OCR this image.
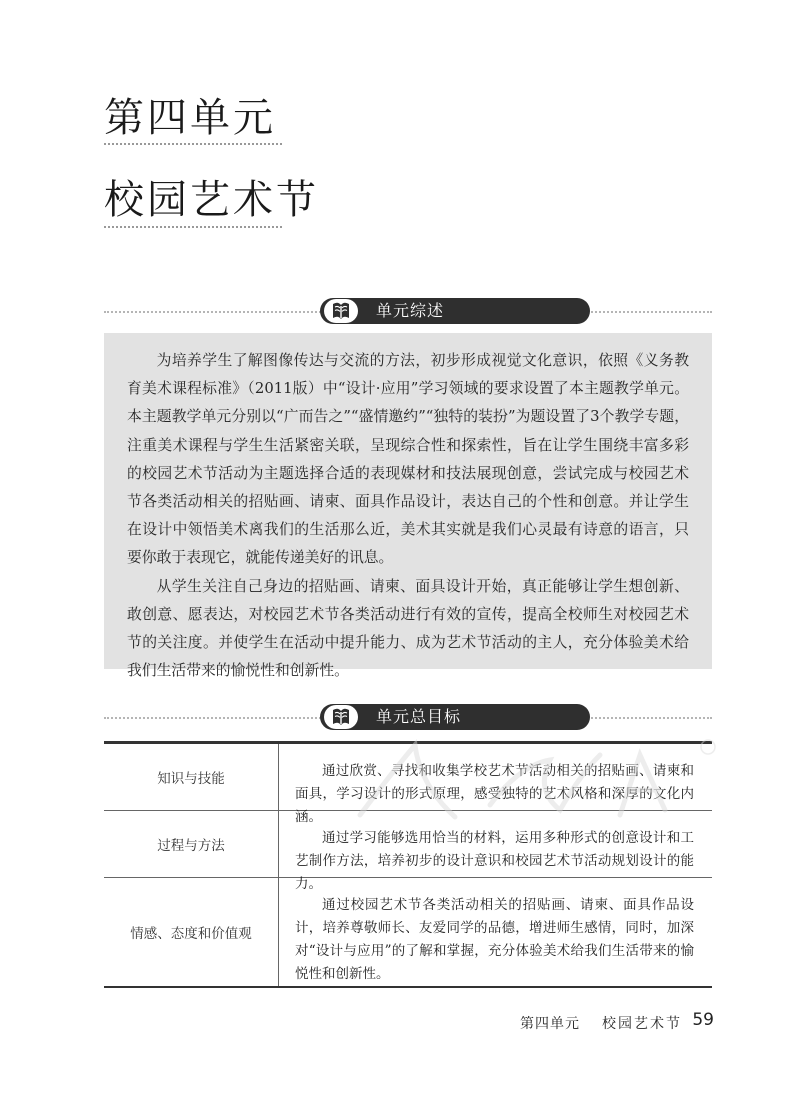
第四单元
校园艺术节
单元综述

为培养学生了解图像传达与交流的方法，初步形成视觉文化意识，依照《义务教育美术课程标准》（2011版）中“设计·应用”学习领域的要求设置了本主题教学单元。本主题教学单元分别以“广而告之”“盛情邀约”“独特的装扮”为题设置了3个教学专题，注重美术课程与学生生活紧密关联，呈现综合性和探索性，旨在让学生围绕丰富多彩的校园艺术节活动为主题选择合适的表现媒材和技法展现创意，尝试完成与校园艺术节各类活动相关的招贴画、请柬、面具作品设计，表达自己的个性和创意。并让学生在设计中领悟美术离我们的生活那么近，美术其实就是我们心灵最有诗意的语言，只要你敢于表现它，就能传递美好的讯息。

从学生关注自己身边的招贴画、请柬、面具设计开始，真正能够让学生想创新、敢创意、愿表达，对校园艺术节各类活动进行有效的宣传，提高全校师生对校园艺术节的关注度。并使学生在活动中提升能力、成为艺术节活动的主人，充分体验美术给我们生活带来的愉悦性和创新性。

单元总目标
知识与技能	通过欣赏、寻找和收集学校艺术节活动相关的招贴画、请柬和面具，学习设计的形式原理，感受独特的艺术风格和深厚的文化内涵。
过程与方法	通过学习能够选用恰当的材料，运用多种形式的创意设计和工艺制作方法，培养初步的设计意识和校园艺术节活动规划设计的能力。
情感、态度和价值观
通过校园艺术节各类活动相关的招贴画、请柬、面具作品设计，培养尊敬师长、友爱同学的品德，增进师生感情，同时，加深对“设计与应用”的了解和掌握，充分体验美术给我们生活带来的愉悦性和创新性。
第四单元 校园艺术节 59
